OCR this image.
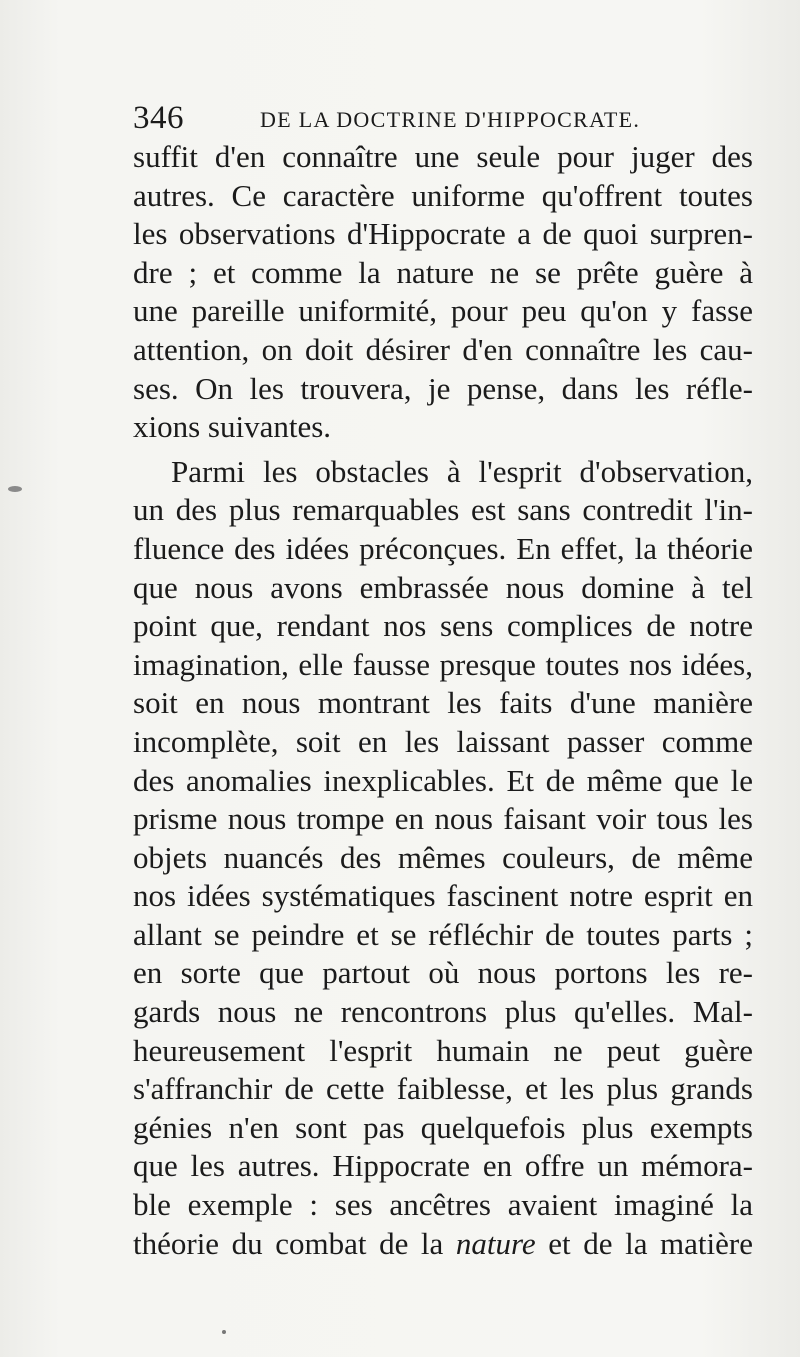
346	DE LA DOCTRINE D'HIPPOCRATE.
suffit d'en connaître une seule pour juger des
autres. Ce caractère uniforme qu'offrent toutes
les observations d'Hippocrate a de quoi surpren-
dre ; et comme la nature ne se prête guère à
une pareille uniformité, pour peu qu'on y fasse
attention, on doit désirer d'en connaître les cau-
ses. On les trouvera, je pense, dans les réfle-
xions suivantes.
Parmi les obstacles à l'esprit d'observation,
un des plus remarquables est sans contredit l'in-
fluence des idées préconçues. En effet, la théorie
que nous avons embrassée nous domine à tel
point que, rendant nos sens complices de notre
imagination, elle fausse presque toutes nos idées,
soit en nous montrant les faits d'une manière
incomplète, soit en les laissant passer comme
des anomalies inexplicables. Et de même que le
prisme nous trompe en nous faisant voir tous les
objets nuancés des mêmes couleurs, de même
nos idées systématiques fascinent notre esprit en
allant se peindre et se réfléchir de toutes parts ;
en sorte que partout où nous portons les re-
gards nous ne rencontrons plus qu'elles. Mal-
heureusement l'esprit humain ne peut guère
s'affranchir de cette faiblesse, et les plus grands
génies n'en sont pas quelquefois plus exempts
que les autres. Hippocrate en offre un mémora-
ble exemple : ses ancêtres avaient imaginé la
théorie du combat de la nature et de la matière
